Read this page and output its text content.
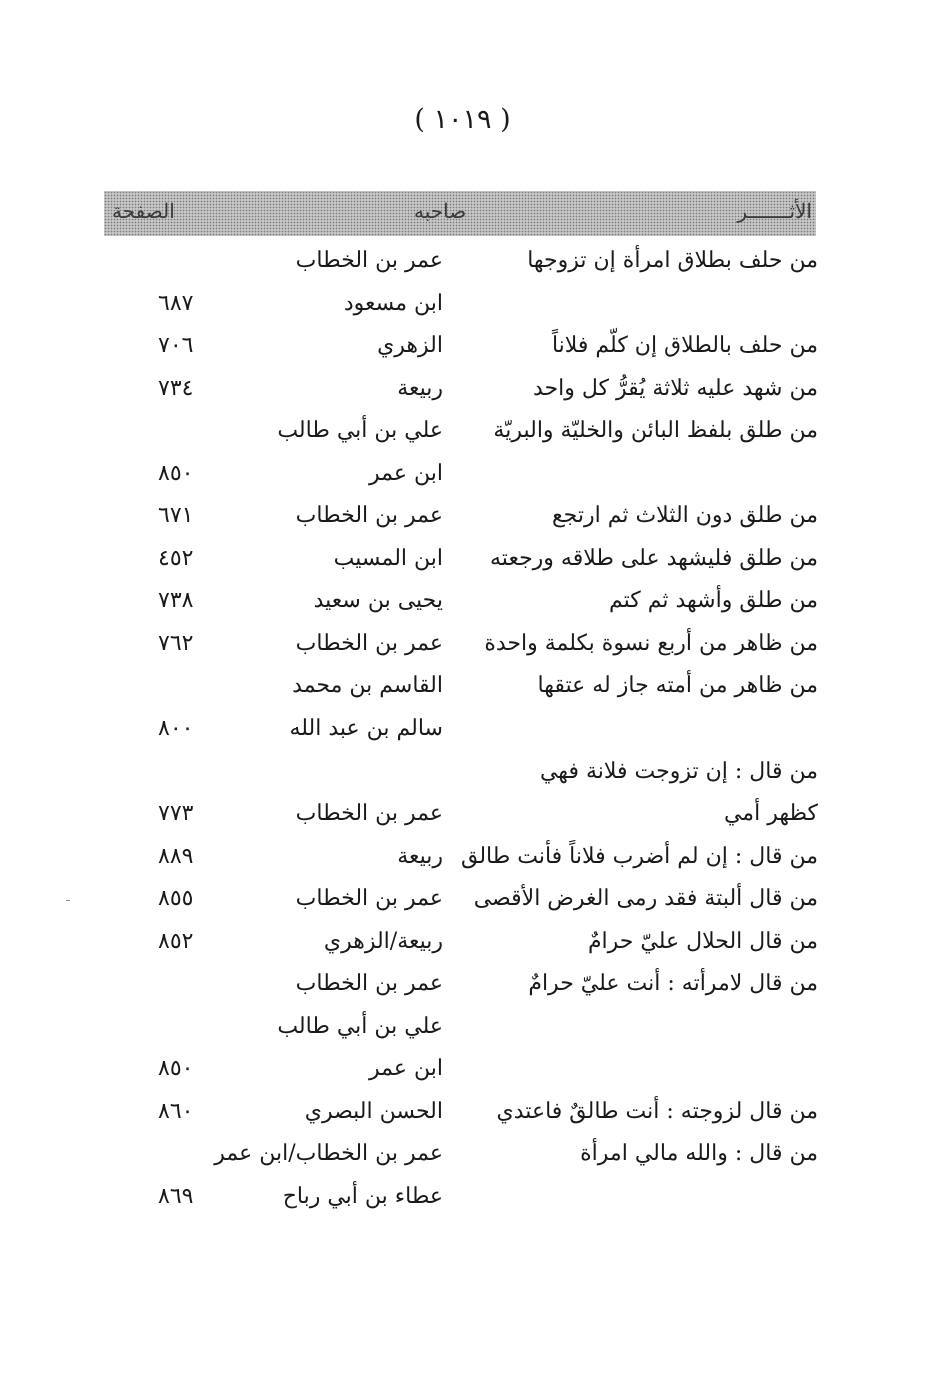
( ١٠١٩ )
الأث‍‍ـــــــر
صاحبه
الصفحة
من حلف بطلاق امرأة إن تزوجها
عمر بن الخطاب
ابن مسعود
٦٨٧
من حلف بالطلاق إن كلّم فلاناً
الزهري
٧٠٦
من شهد عليه ثلاثة يُقرُّ كل واحد
ربيعة
٧٣٤
من طلق بلفظ البائن والخليّة والبريّة
علي بن أبي طالب
ابن عمر
٨٥٠
من طلق دون الثلاث ثم ارتجع
عمر بن الخطاب
٦٧١
من طلق فليشهد على طلاقه ورجعته
ابن المسيب
٤٥٢
من طلق وأشهد ثم كتم
يحيى بن سعيد
٧٣٨
من ظاهر من أربع نسوة بكلمة واحدة
عمر بن الخطاب
٧٦٢
من ظاهر من أمته جاز له عتقها
القاسم بن محمد
سالم بن عبد الله
٨٠٠
من قال : إن تزوجت فلانة فهي
كظهر أمي
عمر بن الخطاب
٧٧٣
من قال : إن لم أضرب فلاناً فأنت طالق
ربيعة
٨٨٩
من قال ألبتة فقد رمى الغرض الأقصى
عمر بن الخطاب
٨٥٥
من قال الحلال عليّ حرامٌ
ربيعة/الزهري
٨٥٢
من قال لامرأته : أنت عليّ حرامٌ
عمر بن الخطاب
علي بن أبي طالب
ابن عمر
٨٥٠
من قال لزوجته : أنت طالقٌ فاعتدي
الحسن البصري
٨٦٠
من قال : والله مالي امرأة
عمر بن الخطاب/ابن عمر
عطاء بن أبي رباح
٨٦٩
